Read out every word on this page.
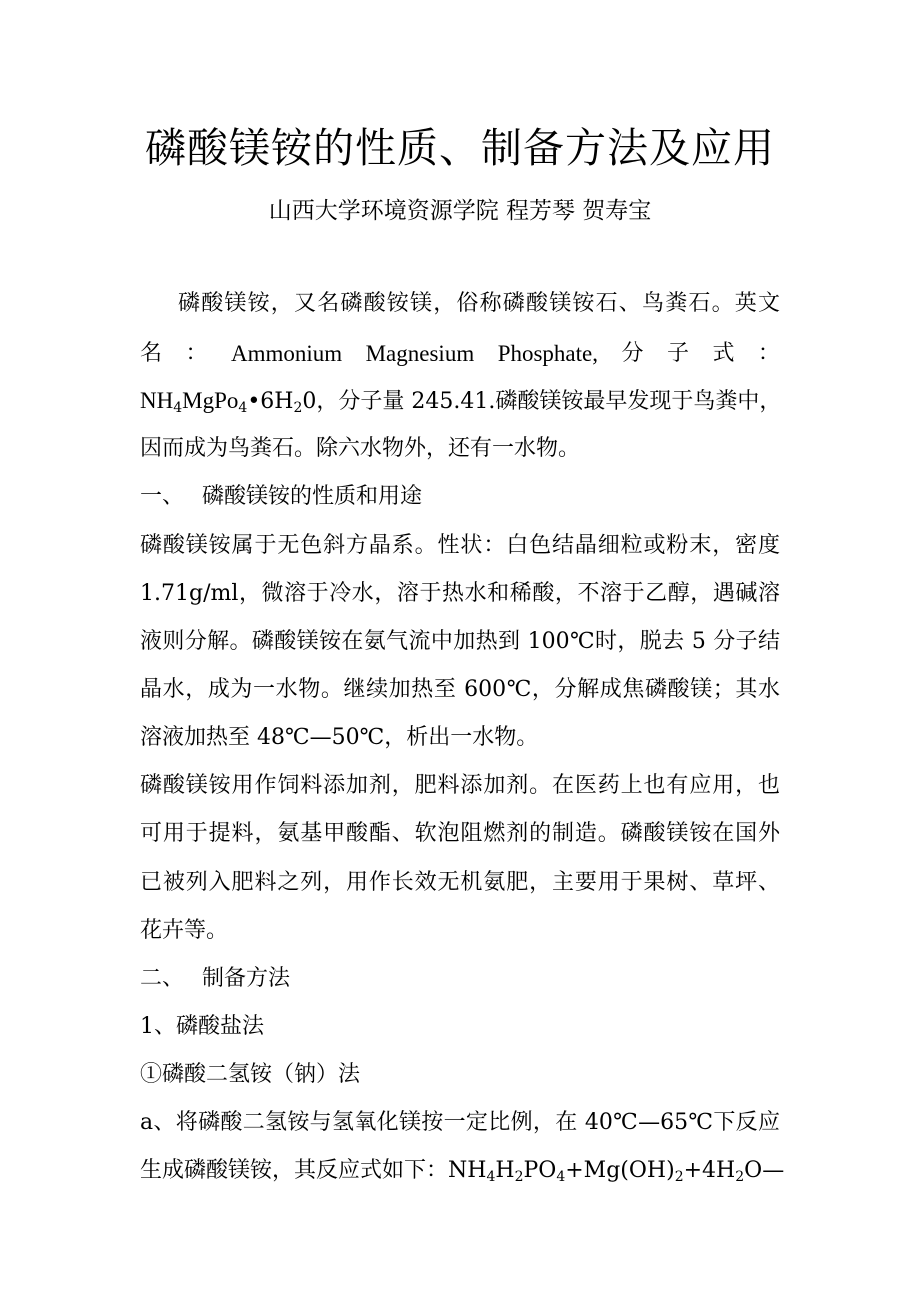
磷酸镁铵的性质、制备方法及应用
山西大学环境资源学院 程芳琴 贺寿宝
磷酸镁铵，又名磷酸铵镁，俗称磷酸镁铵石、鸟粪石。英文
名 ： Ammonium Magnesium Phosphate, 分 子 式 ：
$NH_4MgPo_4•6H_20$，分子量 245.41.磷酸镁铵最早发现于鸟粪中，
因而成为鸟粪石。除六水物外，还有一水物。
一、 磷酸镁铵的性质和用途
磷酸镁铵属于无色斜方晶系。性状：白色结晶细粒或粉末，密度
1.71g/ml，微溶于冷水，溶于热水和稀酸，不溶于乙醇，遇碱溶
液则分解。磷酸镁铵在氨气流中加热到 100℃时，脱去 5 分子结
晶水，成为一水物。继续加热至 600℃，分解成焦磷酸镁；其水
溶液加热至 48℃—50℃，析出一水物。
磷酸镁铵用作饲料添加剂，肥料添加剂。在医药上也有应用，也
可用于提料，氨基甲酸酯、软泡阻燃剂的制造。磷酸镁铵在国外
已被列入肥料之列，用作长效无机氨肥，主要用于果树、草坪、
花卉等。
二、 制备方法
1、磷酸盐法
①磷酸二氢铵（钠）法
a、将磷酸二氢铵与氢氧化镁按一定比例，在 40℃—65℃下反应
生成磷酸镁铵，其反应式如下：$NH_4H_2PO_4+Mg(OH)_2+4H_2O—$
